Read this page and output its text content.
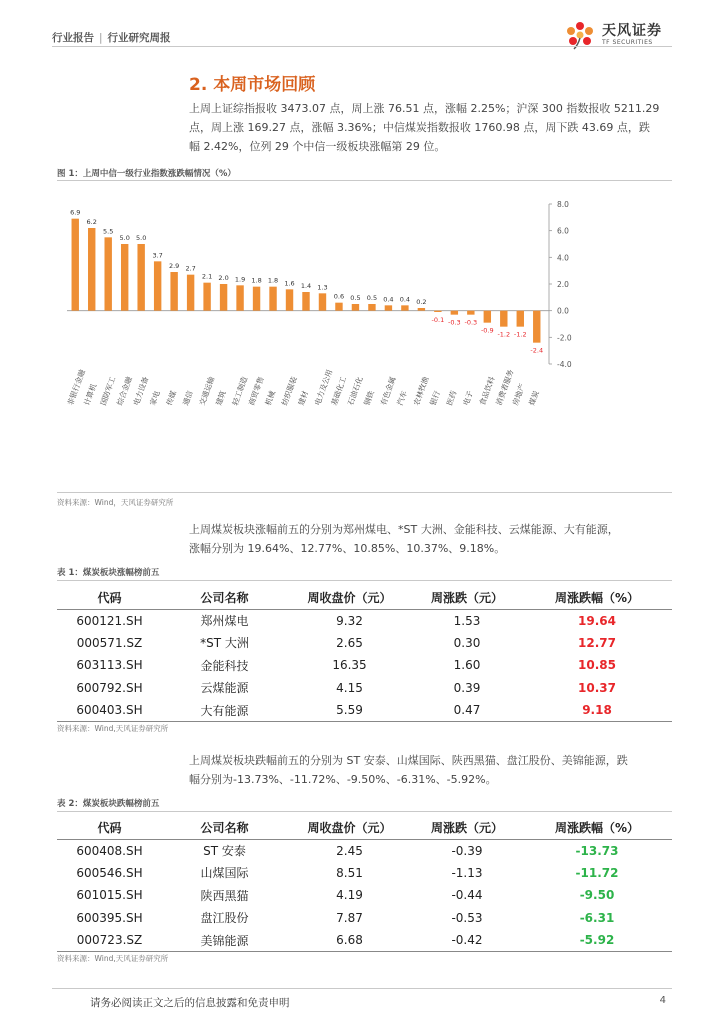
行业报告 | 行业研究周报	天风证券
TF SECURITIES
2. 本周市场回顾
上周上证综指报收 3473.07 点，周上涨 76.51 点，涨幅 2.25%；沪深 300 指数报收 5211.29
点，周上涨 169.27 点，涨幅 3.36%；中信煤炭指数报收 1760.98 点，周下跌 43.69 点，跌
幅 2.42%，位列 29 个中信一级板块涨幅第 29 位。
图 1：上周中信一级行业指数涨跌幅情况（%）
8.0
6.0
4.0
2.0
0.0
-2.0
-4.0
6.9
非银行金融
6.2
计算机
5.5
国防军工
5.0
综合金融
5.0
电力设备
3.7
家电
2.9
传媒
2.7
通信
2.1
交通运输
2.0
建筑
1.9
轻工制造
1.8
商贸零售
1.8
机械
1.6
纺织服装
1.4
建材
1.3
电力及公用
0.6
基础化工
0.5
石油石化
0.5
钢铁
0.4
有色金属
0.4
汽车
0.2
农林牧渔
-0.1
银行
-0.3
医药
-0.3
电子
-0.9
食品饮料
-1.2
消费者服务
-1.2
房地产
-2.4
煤炭
资料来源：Wind，天风证券研究所
上周煤炭板块涨幅前五的分别为郑州煤电、*ST 大洲、金能科技、云煤能源、大有能源，
涨幅分别为 19.64%、12.77%、10.85%、10.37%、9.18%。
表 1：煤炭板块涨幅榜前五
代码	公司名称	周收盘价（元）	周涨跌（元）	周涨跌幅（%）
600121.SH	郑州煤电	9.32	1.53	19.64
000571.SZ	*ST 大洲	2.65	0.30	12.77
603113.SH	金能科技	16.35	1.60	10.85
600792.SH	云煤能源	4.15	0.39	10.37
600403.SH	大有能源	5.59	0.47	9.18
资料来源：Wind,天风证券研究所
上周煤炭板块跌幅前五的分别为 ST 安泰、山煤国际、陕西黑猫、盘江股份、美锦能源，跌
幅分别为-13.73%、-11.72%、-9.50%、-6.31%、-5.92%。
表 2：煤炭板块跌幅榜前五
代码	公司名称	周收盘价（元）	周涨跌（元）	周涨跌幅（%）
600408.SH	ST 安泰	2.45	-0.39	-13.73
600546.SH	山煤国际	8.51	-1.13	-11.72
601015.SH	陕西黑猫	4.19	-0.44	-9.50
600395.SH	盘江股份	7.87	-0.53	-6.31
000723.SZ	美锦能源	6.68	-0.42	-5.92
资料来源：Wind,天风证券研究所
请务必阅读正文之后的信息披露和免责申明	4
